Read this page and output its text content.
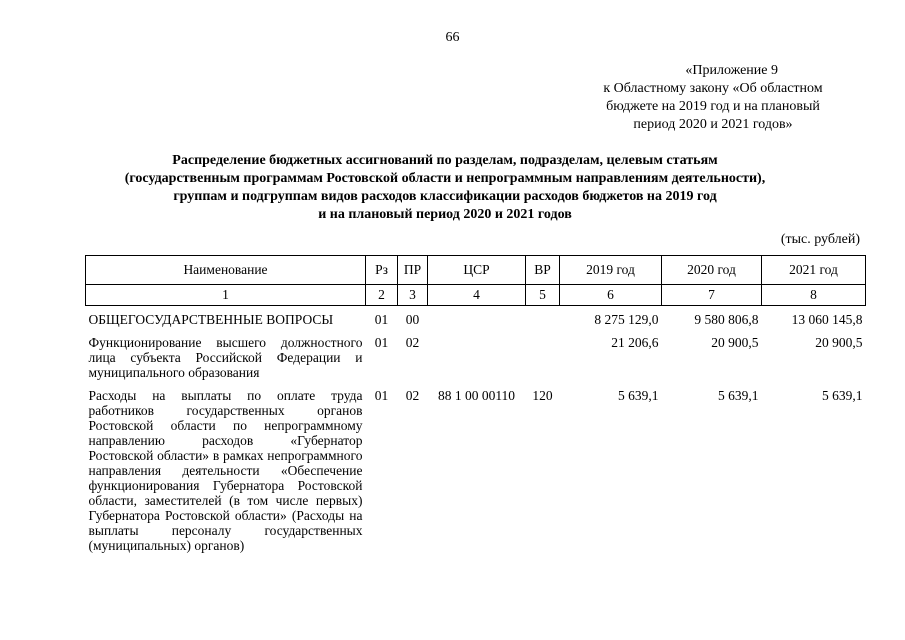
66
«Приложение 9
к Областному закону «Об областном
бюджете на 2019 год и на плановый
период 2020 и 2021 годов»
Распределение бюджетных ассигнований по разделам, подразделам, целевым статьям
(государственным программам Ростовской области и непрограммным направлениям деятельности),
группам и подгруппам видов расходов классификации расходов бюджетов на 2019 год
и на плановый период 2020 и 2021 годов
(тыс. рублей)
Наименование	Рз	ПР	ЦСР	ВР	2019 год	2020 год	2021 год
1	2	3	4	5	6	7	8
ОБЩЕГОСУДАРСТВЕННЫЕ ВОПРОСЫ	01	00			8 275 129,0	9 580 806,8	13 060 145,8
Функционирование высшего должностного лица субъекта Российской Федерации и муниципального образования	01	02			21 206,6	20 900,5	20 900,5
Расходы на выплаты по оплате труда работников государственных органов Ростовской области по непрограммному направлению расходов «Губернатор Ростовской области» в рамках непрограммного направления деятельности «Обеспечение функционирования Губернатора Ростовской области, заместителей (в том числе первых) Губернатора Ростовской области» (Расходы на выплаты персоналу государственных (муниципальных) органов)	01	02	88 1 00 00110	120	5 639,1	5 639,1	5 639,1
